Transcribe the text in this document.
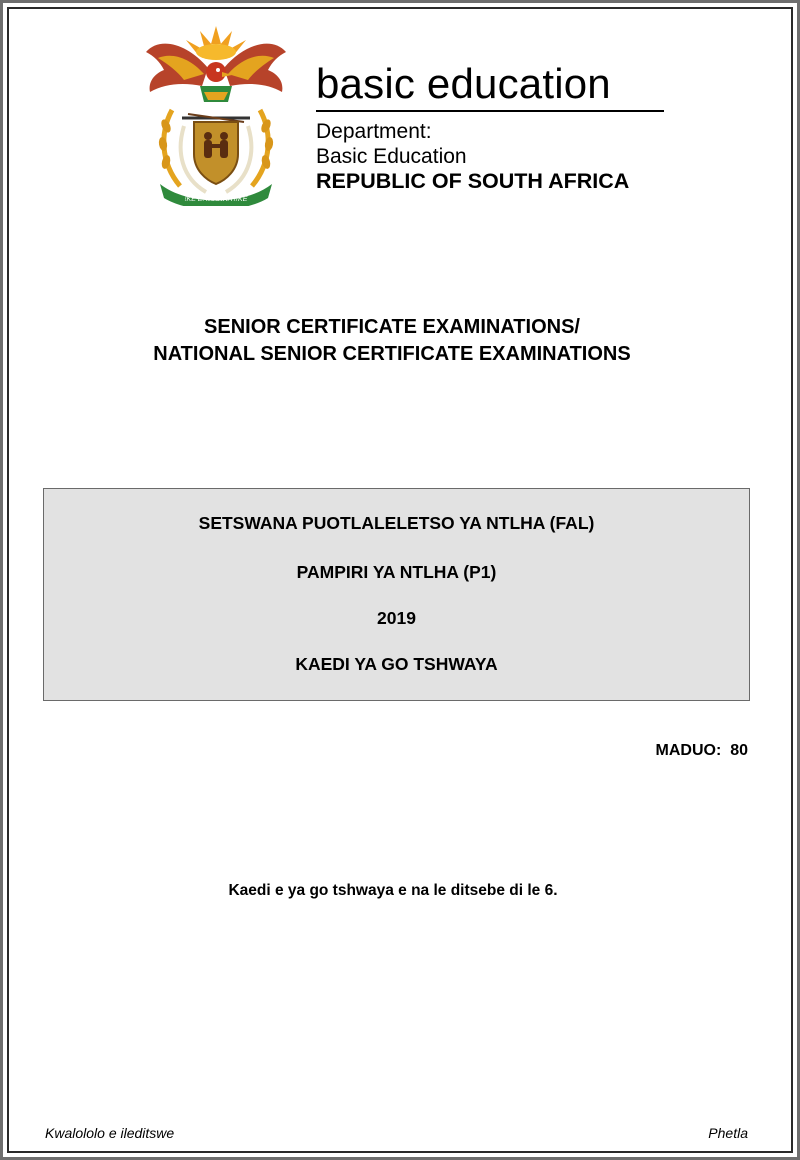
!KE E: /XARRA //KE
basic education
Department:
Basic Education
REPUBLIC OF SOUTH AFRICA
SENIOR CERTIFICATE EXAMINATIONS/
NATIONAL SENIOR CERTIFICATE EXAMINATIONS
SETSWANA PUOTLALELETSO YA NTLHA (FAL)
PAMPIRI YA NTLHA (P1)
2019
KAEDI YA GO TSHWAYA
MADUO:  80
Kaedi e ya go tshwaya e na le ditsebe di le 6.
Kwalololo e ileditswe	Phetla
